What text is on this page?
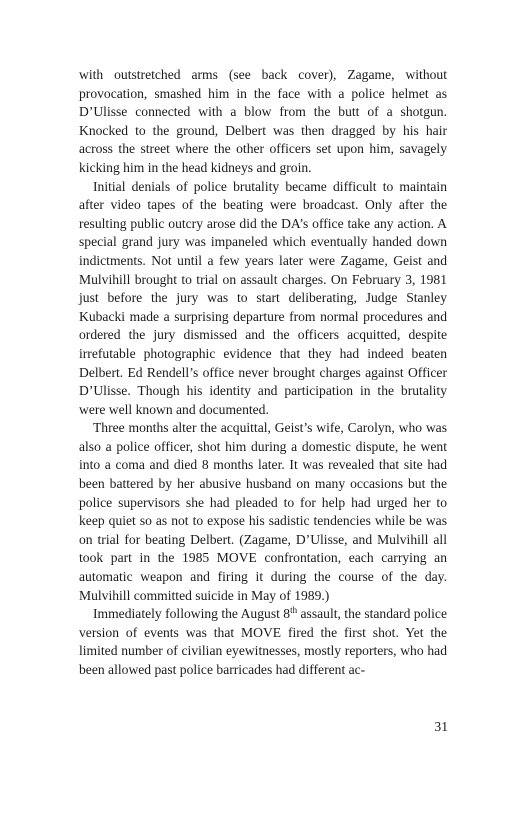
with outstretched arms (see back cover), Zagame, without provocation, smashed him in the face with a police helmet as D’Ulisse connected with a blow from the butt of a shotgun. Knocked to the ground, Delbert was then dragged by his hair across the street where the other officers set upon him, savagely kicking him in the head kidneys and groin.

Initial denials of police brutality became difficult to maintain after video tapes of the beating were broadcast. Only after the resulting public outcry arose did the DA’s office take any action. A special grand jury was impaneled which eventually handed down indictments. Not until a few years later were Zagame, Geist and Mulvihill brought to trial on assault charges. On February 3, 1981 just before the jury was to start deliberating, Judge Stanley Kubacki made a surprising departure from normal procedures and ordered the jury dismissed and the officers acquitted, despite irrefutable photographic evidence that they had indeed beaten Delbert. Ed Rendell’s office never brought charges against Officer D’Ulisse. Though his identity and participation in the brutality were well known and documented.

Three months alter the acquittal, Geist’s wife, Carolyn, who was also a police officer, shot him during a domestic dispute, he went into a coma and died 8 months later. It was revealed that site had been battered by her abusive husband on many occasions but the police supervisors she had pleaded to for help had urged her to keep quiet so as not to expose his sadistic tendencies while be was on trial for beating Delbert. (Zagame, D’Ulisse, and Mulvihill all took part in the 1985 MOVE confrontation, each carrying an automatic weapon and firing it during the course of the day. Mulvihill committed suicide in May of 1989.)

Immediately following the August 8th assault, the standard police version of events was that MOVE fired the first shot. Yet the limited number of civilian eyewitnesses, mostly reporters, who had been allowed past police barricades had different ac-

31
